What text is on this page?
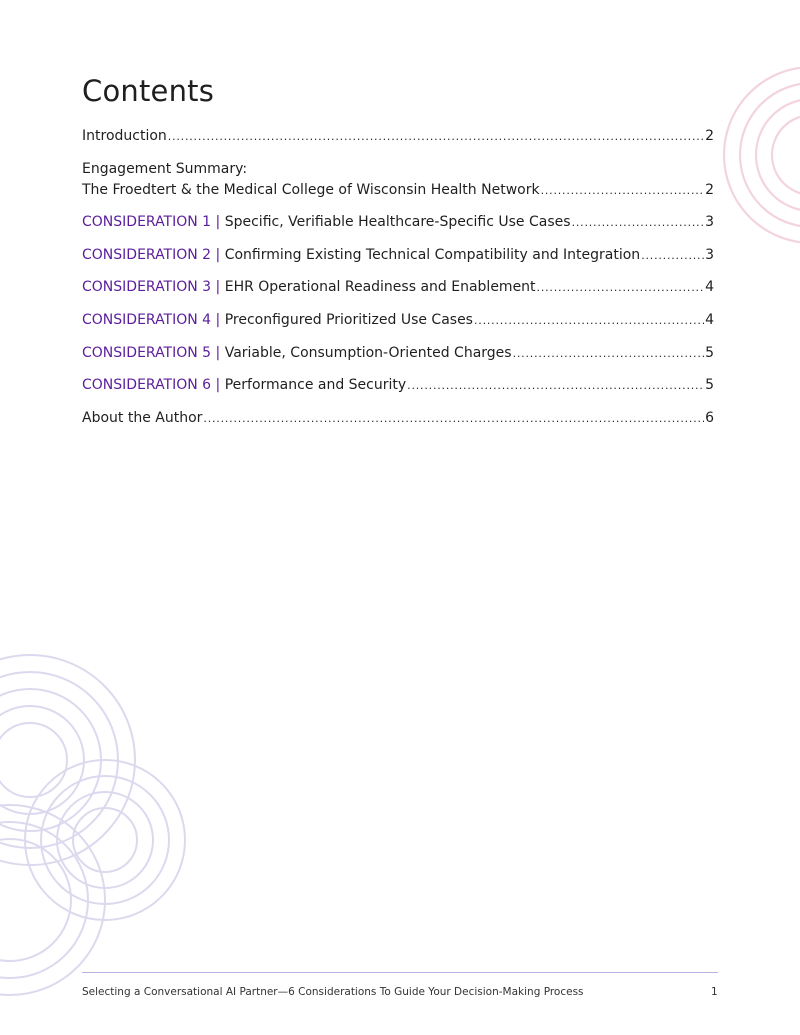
Contents
Introduction .....	2
Engagement Summary:
The Froedtert & the Medical College of Wisconsin Health Network .....	2
CONSIDERATION 1 | Specific, Verifiable Healthcare-Specific Use Cases .....	3
CONSIDERATION 2 | Confirming Existing Technical Compatibility and Integration .....	3
CONSIDERATION 3 | EHR Operational Readiness and Enablement .....	4
CONSIDERATION 4 | Preconfigured Prioritized Use Cases .....	4
CONSIDERATION 5 | Variable, Consumption-Oriented Charges .....	5
CONSIDERATION 6 | Performance and Security .....	5
About the Author .....	6
Selecting a Conversational AI Partner—6 Considerations To Guide Your Decision-Making Process	1
